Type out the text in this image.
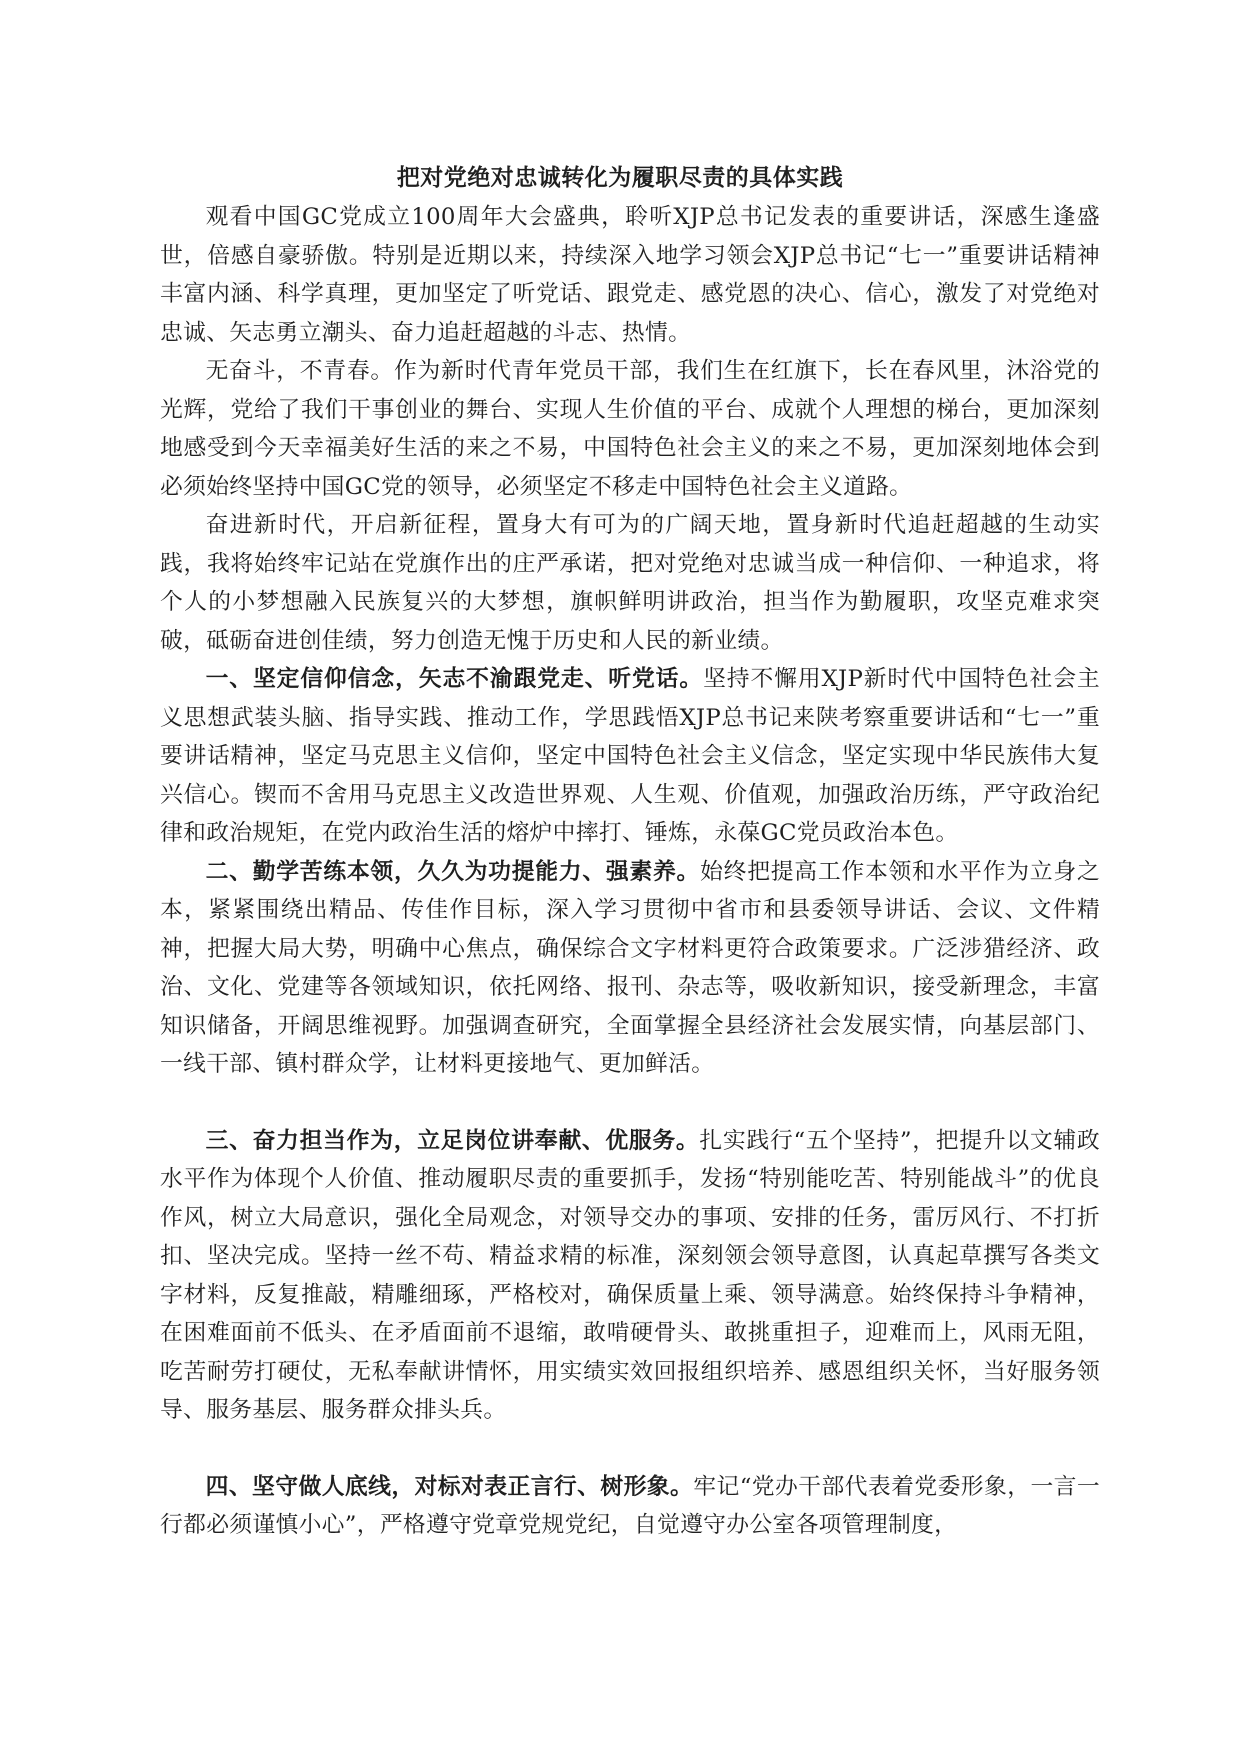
把对党绝对忠诚转化为履职尽责的具体实践

观看中国GC党成立100周年大会盛典，聆听XJP总书记发表的重要讲话，深感生逢盛世，倍感自豪骄傲。特别是近期以来，持续深入地学习领会XJP总书记“七一”重要讲话精神丰富内涵、科学真理，更加坚定了听党话、跟党走、感党恩的决心、信心，激发了对党绝对忠诚、矢志勇立潮头、奋力追赶超越的斗志、热情。

无奋斗，不青春。作为新时代青年党员干部，我们生在红旗下，长在春风里，沐浴党的光辉，党给了我们干事创业的舞台、实现人生价值的平台、成就个人理想的梯台，更加深刻地感受到今天幸福美好生活的来之不易，中国特色社会主义的来之不易，更加深刻地体会到必须始终坚持中国GC党的领导，必须坚定不移走中国特色社会主义道路。

奋进新时代，开启新征程，置身大有可为的广阔天地，置身新时代追赶超越的生动实践，我将始终牢记站在党旗作出的庄严承诺，把对党绝对忠诚当成一种信仰、一种追求，将个人的小梦想融入民族复兴的大梦想，旗帜鲜明讲政治，担当作为勤履职，攻坚克难求突破，砥砺奋进创佳绩，努力创造无愧于历史和人民的新业绩。

一、坚定信仰信念，矢志不渝跟党走、听党话。坚持不懈用XJP新时代中国特色社会主义思想武装头脑、指导实践、推动工作，学思践悟XJP总书记来陕考察重要讲话和“七一”重要讲话精神，坚定马克思主义信仰，坚定中国特色社会主义信念，坚定实现中华民族伟大复兴信心。锲而不舍用马克思主义改造世界观、人生观、价值观，加强政治历练，严守政治纪律和政治规矩，在党内政治生活的熔炉中摔打、锤炼，永葆GC党员政治本色。

二、勤学苦练本领，久久为功提能力、强素养。始终把提高工作本领和水平作为立身之本，紧紧围绕出精品、传佳作目标，深入学习贯彻中省市和县委领导讲话、会议、文件精神，把握大局大势，明确中心焦点，确保综合文字材料更符合政策要求。广泛涉猎经济、政治、文化、党建等各领域知识，依托网络、报刊、杂志等，吸收新知识，接受新理念，丰富知识储备，开阔思维视野。加强调查研究，全面掌握全县经济社会发展实情，向基层部门、一线干部、镇村群众学，让材料更接地气、更加鲜活。

三、奋力担当作为，立足岗位讲奉献、优服务。扎实践行“五个坚持”，把提升以文辅政水平作为体现个人价值、推动履职尽责的重要抓手，发扬“特别能吃苦、特别能战斗”的优良作风，树立大局意识，强化全局观念，对领导交办的事项、安排的任务，雷厉风行、不打折扣、坚决完成。坚持一丝不苟、精益求精的标准，深刻领会领导意图，认真起草撰写各类文字材料，反复推敲，精雕细琢，严格校对，确保质量上乘、领导满意。始终保持斗争精神，在困难面前不低头、在矛盾面前不退缩，敢啃硬骨头、敢挑重担子，迎难而上，风雨无阻，吃苦耐劳打硬仗，无私奉献讲情怀，用实绩实效回报组织培养、感恩组织关怀，当好服务领导、服务基层、服务群众排头兵。

四、坚守做人底线，对标对表正言行、树形象。牢记“党办干部代表着党委形象，一言一行都必须谨慎小心”，严格遵守党章党规党纪，自觉遵守办公室各项管理制度，
